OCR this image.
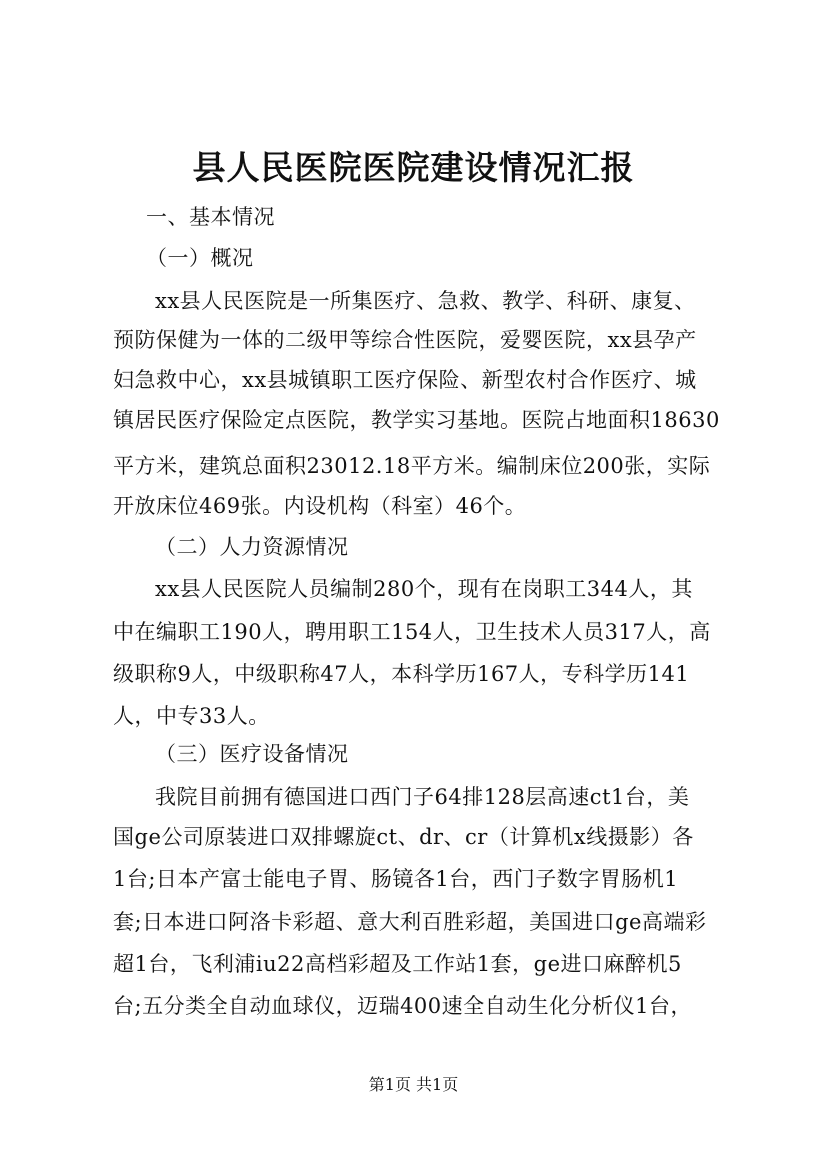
县人民医院医院建设情况汇报
一、基本情况
（一）概况
xx县人民医院是一所集医疗、急救、教学、科研、康复、
预防保健为一体的二级甲等综合性医院，爱婴医院，xx县孕产
妇急救中心，xx县城镇职工医疗保险、新型农村合作医疗、城
镇居民医疗保险定点医院，教学实习基地。医院占地面积18630
平方米，建筑总面积23012.18平方米。编制床位200张，实际
开放床位469张。内设机构（科室）46个。
（二）人力资源情况
xx县人民医院人员编制280个，现有在岗职工344人，其
中在编职工190人，聘用职工154人，卫生技术人员317人，高
级职称9人，中级职称47人，本科学历167人，专科学历141
人，中专33人。
（三）医疗设备情况
我院目前拥有德国进口西门子64排128层高速ct1台，美
国ge公司原装进口双排螺旋ct、dr、cr（计算机x线摄影）各
1台;日本产富士能电子胃、肠镜各1台，西门子数字胃肠机1
套;日本进口阿洛卡彩超、意大利百胜彩超，美国进口ge高端彩
超1台，飞利浦iu22高档彩超及工作站1套，ge进口麻醉机5
台;五分类全自动血球仪，迈瑞400速全自动生化分析仪1台，
第1页 共1页
